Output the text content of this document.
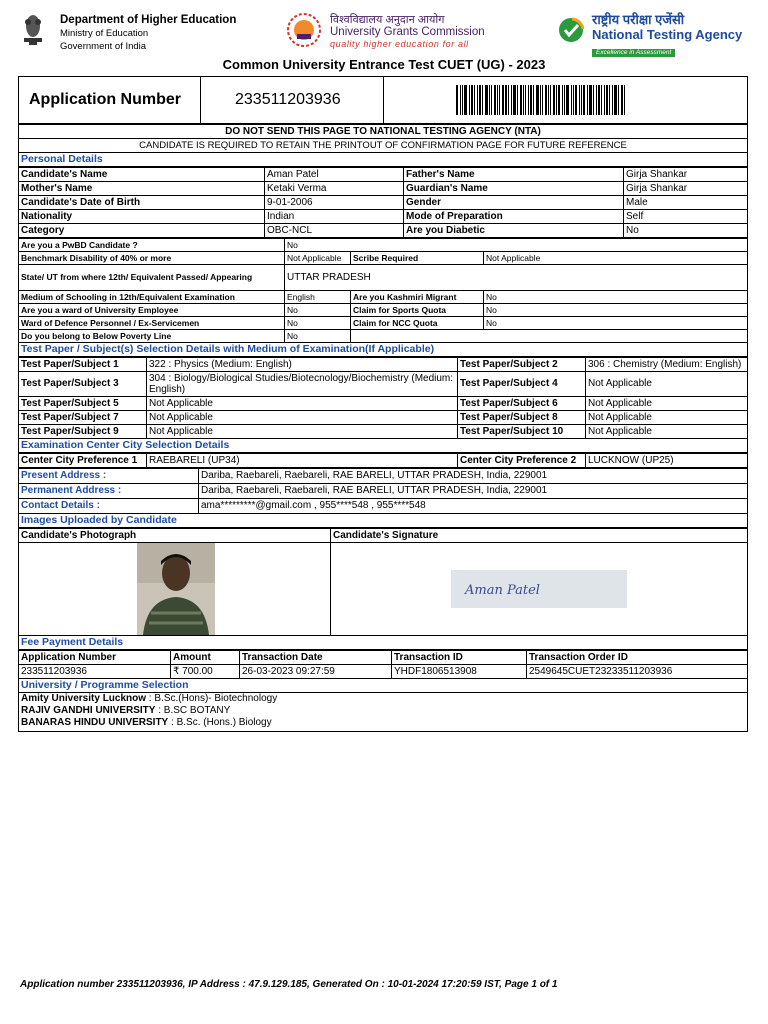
Department of Higher Education
Ministry of Education
Government of India
विश्वविद्यालय अनुदान आयोग
University Grants Commission
quality higher education for all
राष्ट्रीय परीक्षा एजेंसी
National Testing Agency
Excellence in Assessment
Common University Entrance Test CUET (UG) - 2023
Application Number	233511203936	
DO NOT SEND THIS PAGE TO NATIONAL TESTING AGENCY (NTA)
CANDIDATE IS REQUIRED TO RETAIN THE PRINTOUT OF CONFIRMATION PAGE FOR FUTURE REFERENCE
Personal Details
Candidate's Name	Aman Patel	Father's Name	Girja Shankar
Mother's Name	Ketaki Verma	Guardian's Name	Girja Shankar
Candidate's Date of Birth	9-01-2006	Gender	Male
Nationality	Indian	Mode of Preparation	Self
Category	OBC-NCL	Are you Diabetic	No
Are you a PwBD Candidate ?	No		
Benchmark Disability of 40% or more	Not Applicable	Scribe Required	Not Applicable
State/ UT from where 12th/ Equivalent Passed/ Appearing	UTTAR PRADESH		
Medium of Schooling in 12th/Equivalent Examination	English	Are you Kashmiri Migrant	No
Are you a ward of University Employee	No	Claim for Sports Quota	No
Ward of Defence Personnel / Ex-Servicemen	No	Claim for NCC Quota	No
Do you belong to Below Poverty Line	No		
Test Paper / Subject(s) Selection Details with Medium of Examination(If Applicable)
Test Paper/Subject 1	322 : Physics (Medium: English)	Test Paper/Subject 2	306 : Chemistry (Medium: English)
Test Paper/Subject 3	304 : Biology/Biological Studies/Biotecnology/Biochemistry (Medium: English)	Test Paper/Subject 4	Not Applicable
Test Paper/Subject 5	Not Applicable	Test Paper/Subject 6	Not Applicable
Test Paper/Subject 7	Not Applicable	Test Paper/Subject 8	Not Applicable
Test Paper/Subject 9	Not Applicable	Test Paper/Subject 10	Not Applicable
Examination Center City Selection Details
Center City Preference 1	RAEBARELI (UP34)	Center City Preference 2	LUCKNOW (UP25)
Present Address :	Dariba, Raebareli, Raebareli, RAE BARELI, UTTAR PRADESH, India, 229001
Permanent Address :	Dariba, Raebareli, Raebareli, RAE BARELI, UTTAR PRADESH, India, 229001
Contact Details :	ama*********@gmail.com , 955****548 , 955****548
Images Uploaded by Candidate
Candidate's Photograph	Candidate's Signature

Aman Patel
Fee Payment Details
Application Number	Amount	Transaction Date	Transaction ID	Transaction Order ID
233511203936	₹ 700.00	26-03-2023 09:27:59	YHDF1806513908	2549645CUET23233511203936
University / Programme Selection
Amity University Lucknow : B.Sc.(Hons)- Biotechnology
RAJIV GANDHI UNIVERSITY : B.SC BOTANY
BANARAS HINDU UNIVERSITY : B.Sc. (Hons.) Biology
Application number 233511203936, IP Address : 47.9.129.185, Generated On : 10-01-2024 17:20:59 IST, Page 1 of 1
